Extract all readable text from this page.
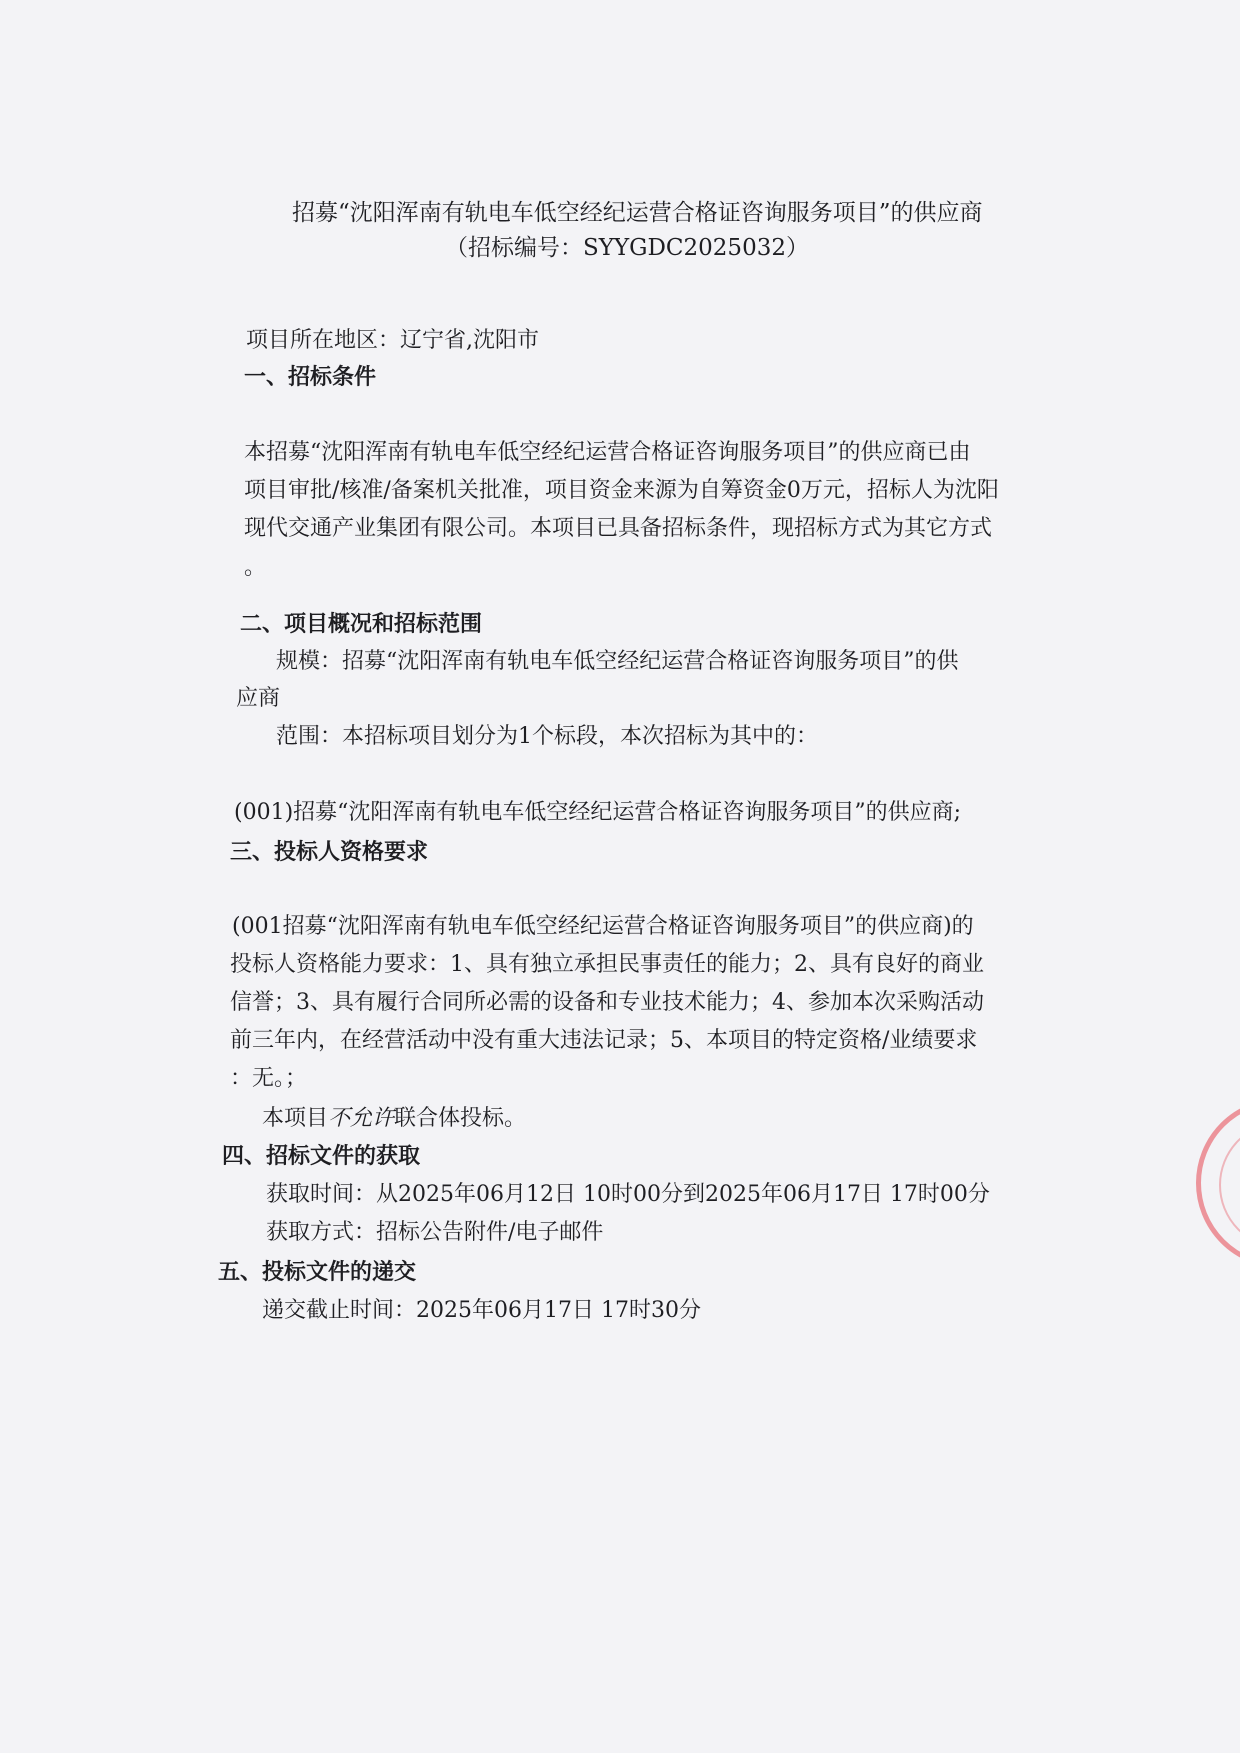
招募“沈阳浑南有轨电车低空经纪运营合格证咨询服务项目”的供应商
（招标编号：SYYGDC2025032）
项目所在地区：辽宁省,沈阳市
一、招标条件
本招募“沈阳浑南有轨电车低空经纪运营合格证咨询服务项目”的供应商已由
项目审批/核准/备案机关批准，项目资金来源为自筹资金0万元，招标人为沈阳
现代交通产业集团有限公司。本项目已具备招标条件，现招标方式为其它方式
。
二、项目概况和招标范围
规模：招募“沈阳浑南有轨电车低空经纪运营合格证咨询服务项目”的供
应商
范围：本招标项目划分为1个标段，本次招标为其中的：
(001)招募“沈阳浑南有轨电车低空经纪运营合格证咨询服务项目”的供应商;
三、投标人资格要求
(001招募“沈阳浑南有轨电车低空经纪运营合格证咨询服务项目”的供应商)的
投标人资格能力要求：1、具有独立承担民事责任的能力；2、具有良好的商业
信誉；3、具有履行合同所必需的设备和专业技术能力；4、参加本次采购活动
前三年内，在经营活动中没有重大违法记录；5、本项目的特定资格/业绩要求
：无。；
本项目不允许联合体投标。
四、招标文件的获取
获取时间：从2025年06月12日 10时00分到2025年06月17日 17时00分
获取方式：招标公告附件/电子邮件
五、投标文件的递交
递交截止时间：2025年06月17日 17时30分
